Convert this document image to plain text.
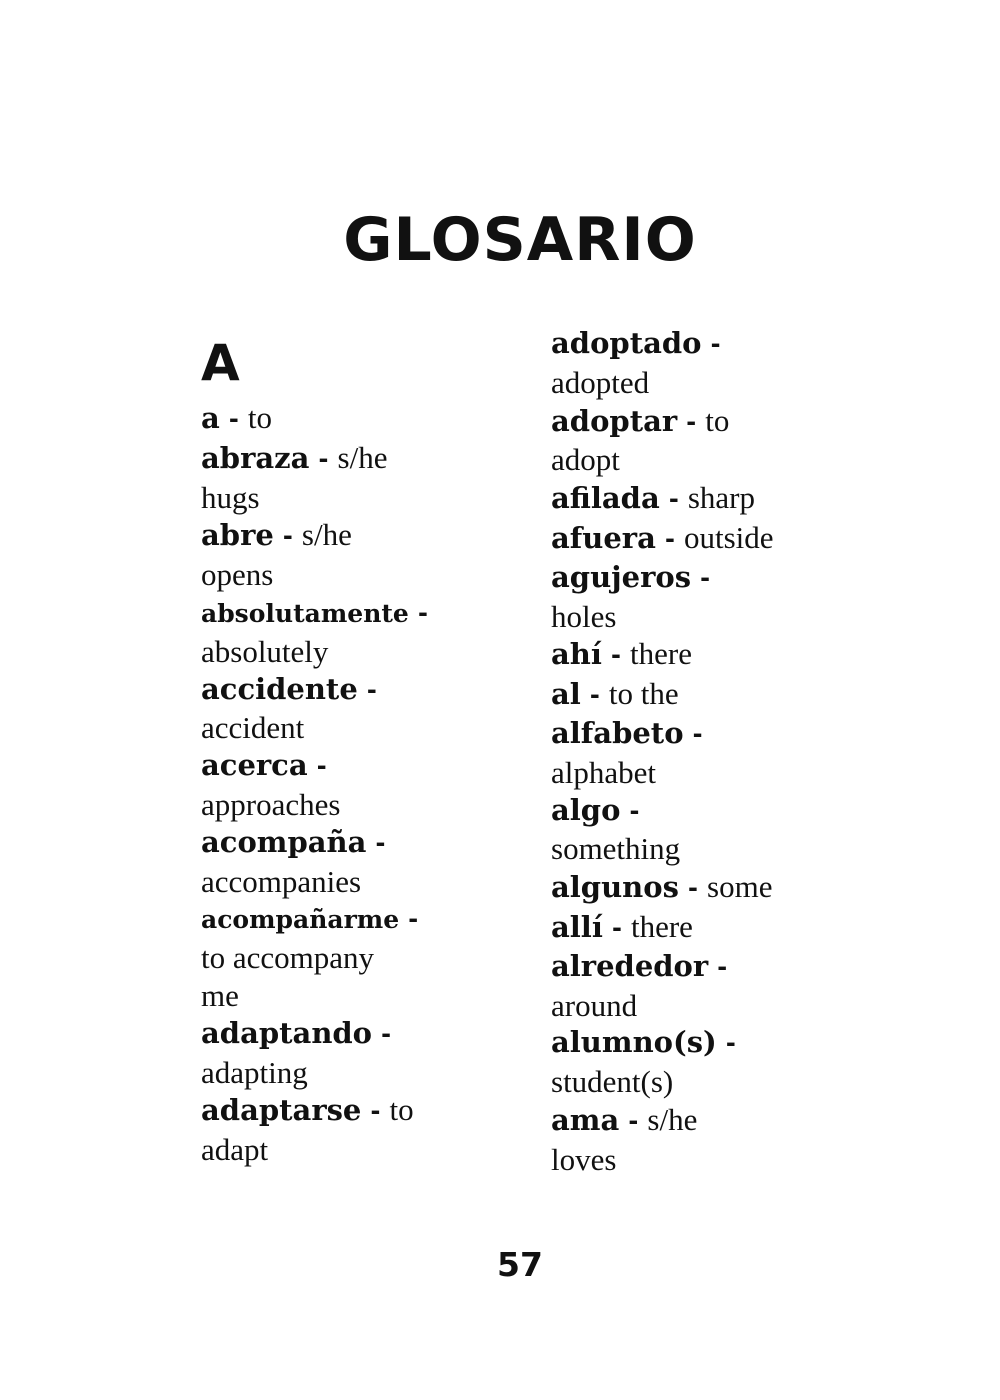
GLOSARIO
A
a - to
abraza - s/he
hugs
abre - s/he
opens
absolutamente -
absolutely
accidente -
accident
acerca -
approaches
acompaña -
accompanies
acompañarme -
to accompany
me
adaptando -
adapting
adaptarse - to
adapt
adoptado -
adopted
adoptar - to
adopt
afilada - sharp
afuera - outside
agujeros -
holes
ahí - there
al - to the
alfabeto -
alphabet
algo -
something
algunos - some
allí - there
alrededor -
around
alumno(s) -
student(s)
ama - s/he
loves
57
